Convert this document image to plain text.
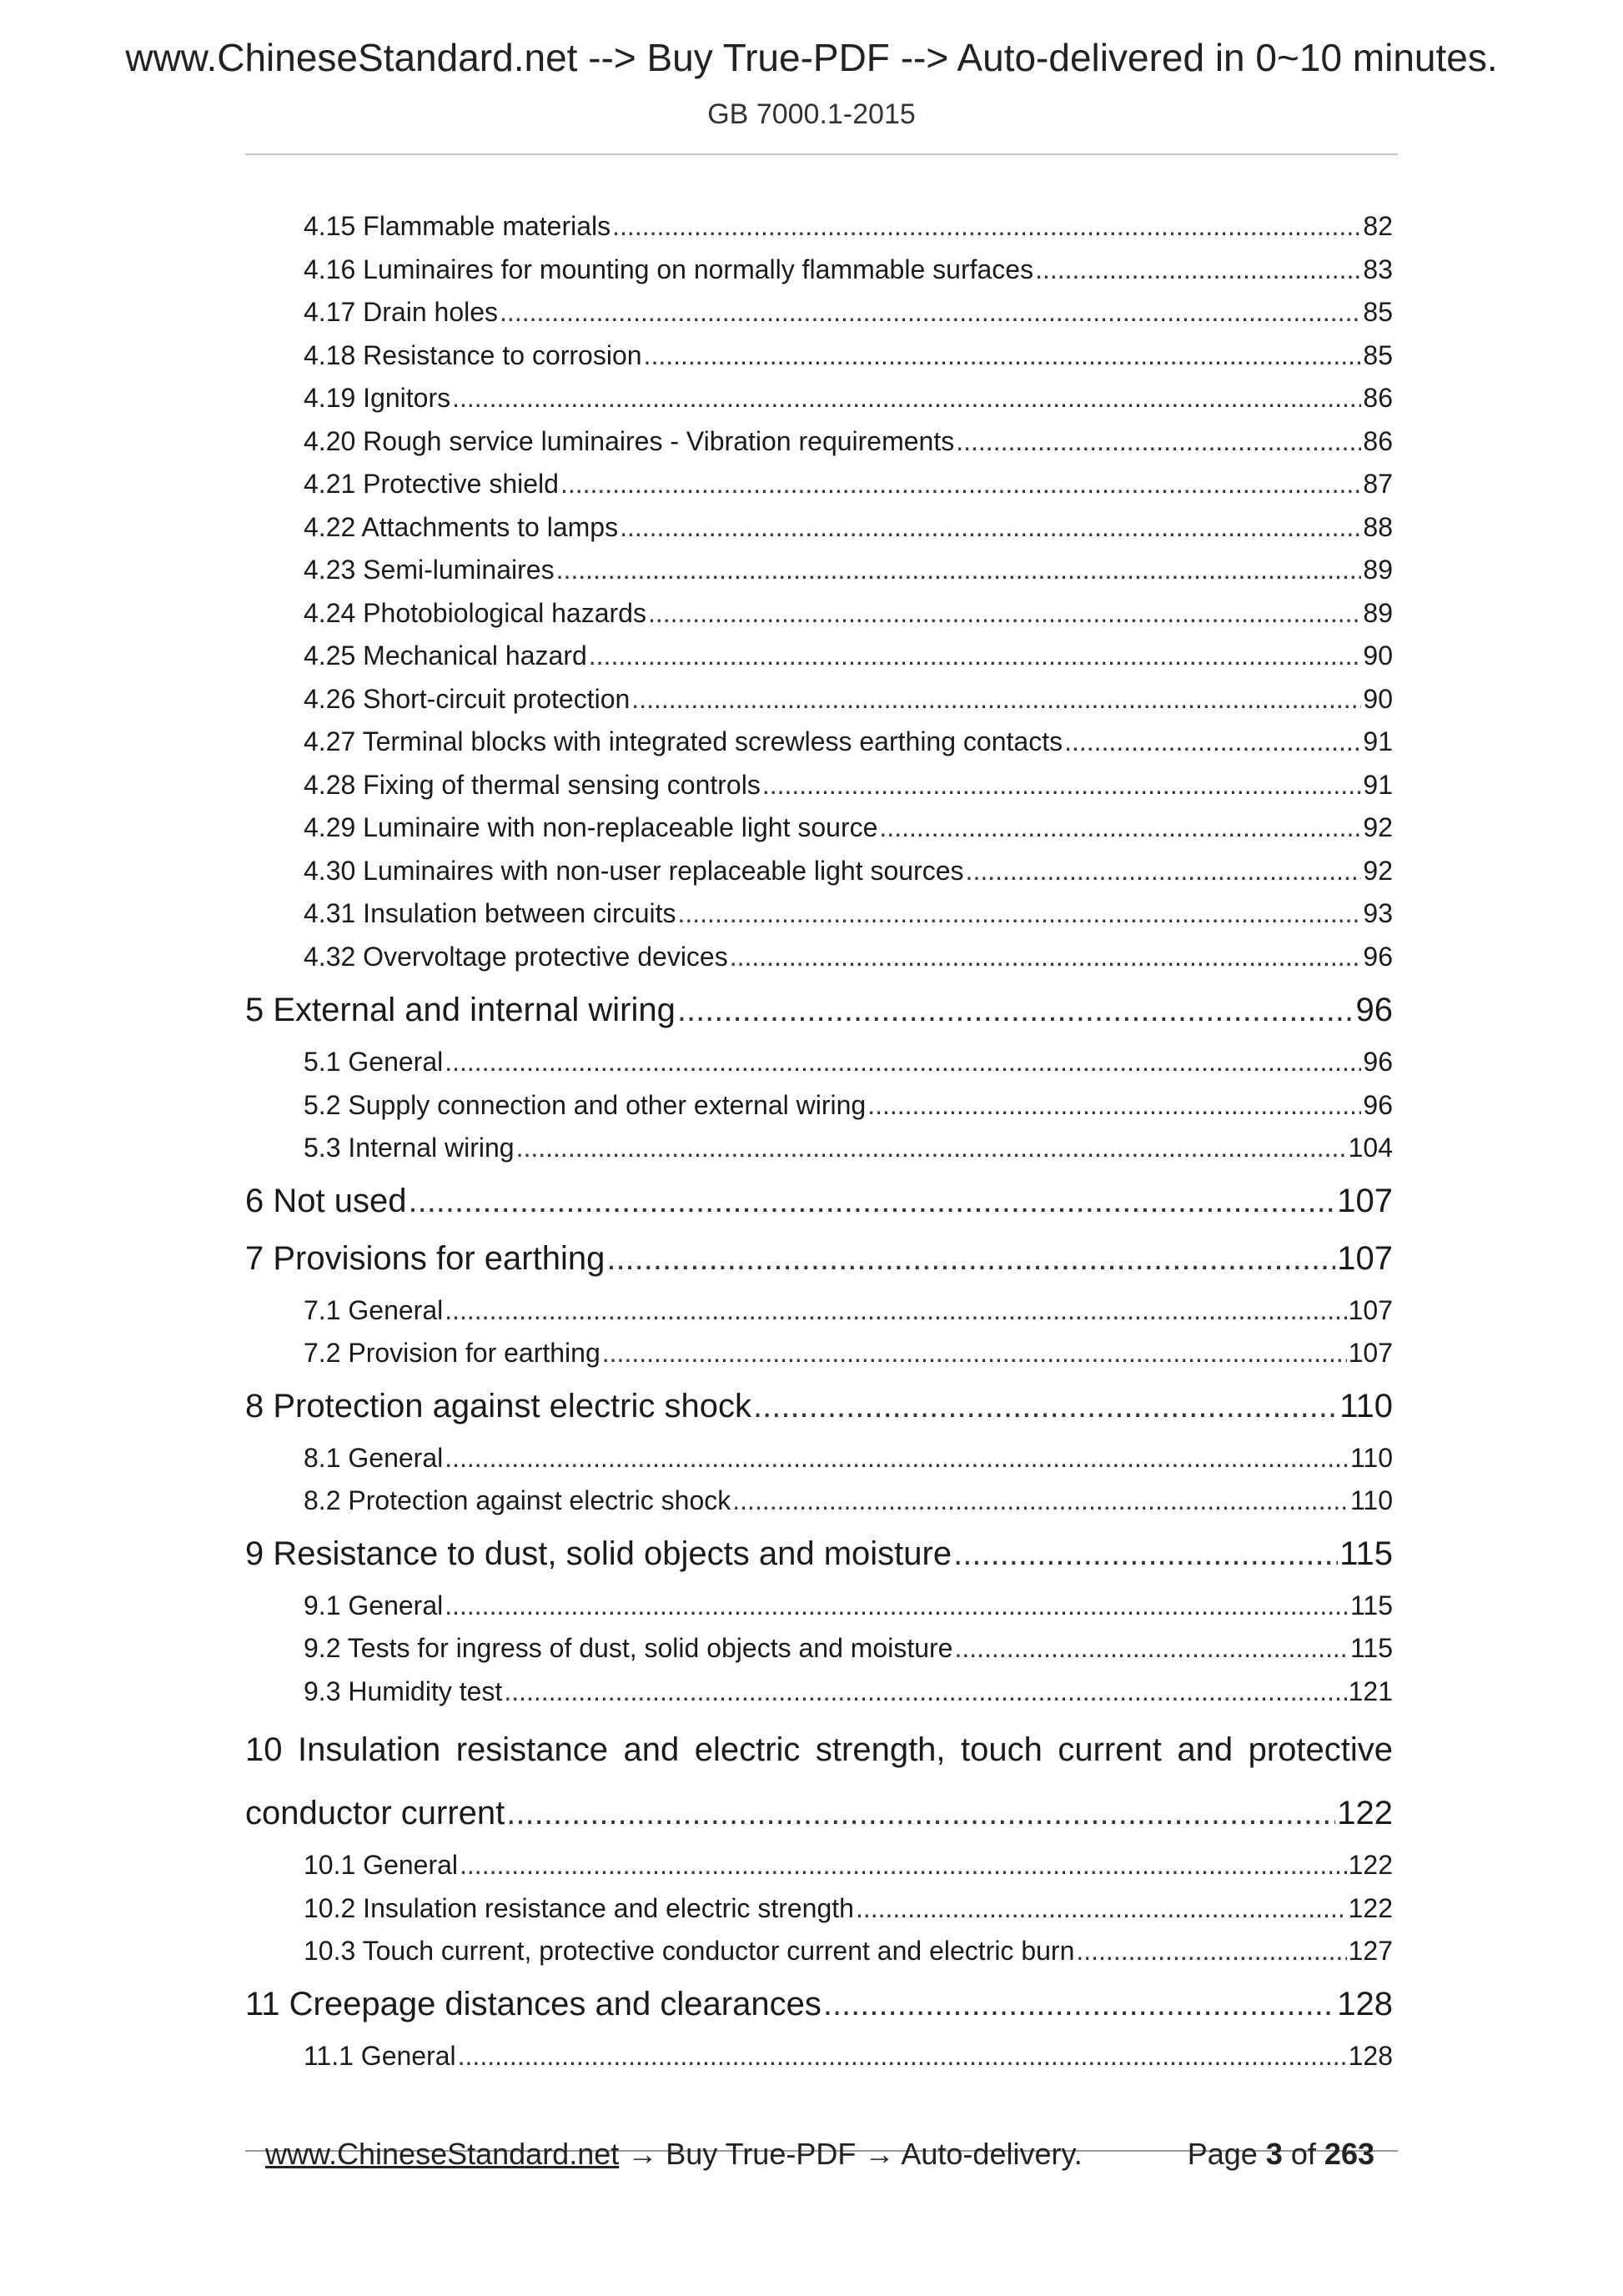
www.ChineseStandard.net --> Buy True-PDF --> Auto-delivered in 0~10 minutes.
GB 7000.1-2015
4.15 Flammable materials .....	82
4.16 Luminaires for mounting on normally flammable surfaces .....	83
4.17 Drain holes .....	85
4.18 Resistance to corrosion .....	85
4.19 Ignitors .....	86
4.20 Rough service luminaires - Vibration requirements .....	86
4.21 Protective shield .....	87
4.22 Attachments to lamps .....	88
4.23 Semi-luminaires .....	89
4.24 Photobiological hazards .....	89
4.25 Mechanical hazard .....	90
4.26 Short-circuit protection .....	90
4.27 Terminal blocks with integrated screwless earthing contacts .....	91
4.28 Fixing of thermal sensing controls .....	91
4.29 Luminaire with non-replaceable light source .....	92
4.30 Luminaires with non-user replaceable light sources .....	92
4.31 Insulation between circuits .....	93
4.32 Overvoltage protective devices .....	96
5 External and internal wiring .....	96
5.1 General .....	96
5.2 Supply connection and other external wiring .....	96
5.3 Internal wiring .....	104
6 Not used .....	107
7 Provisions for earthing .....	107
7.1 General .....	107
7.2 Provision for earthing .....	107
8 Protection against electric shock .....	110
8.1 General .....	110
8.2 Protection against electric shock .....	110
9 Resistance to dust, solid objects and moisture .....	115
9.1 General .....	115
9.2 Tests for ingress of dust, solid objects and moisture .....	115
9.3 Humidity test .....	121
10 Insulation resistance and electric strength, touch current and protective
conductor current .....	122
10.1 General .....	122
10.2 Insulation resistance and electric strength .....	122
10.3 Touch current, protective conductor current and electric burn .....	127
11 Creepage distances and clearances .....	128
11.1 General .....	128
www.ChineseStandard.net → Buy True-PDF → Auto-delivery.	Page 3 of 263
